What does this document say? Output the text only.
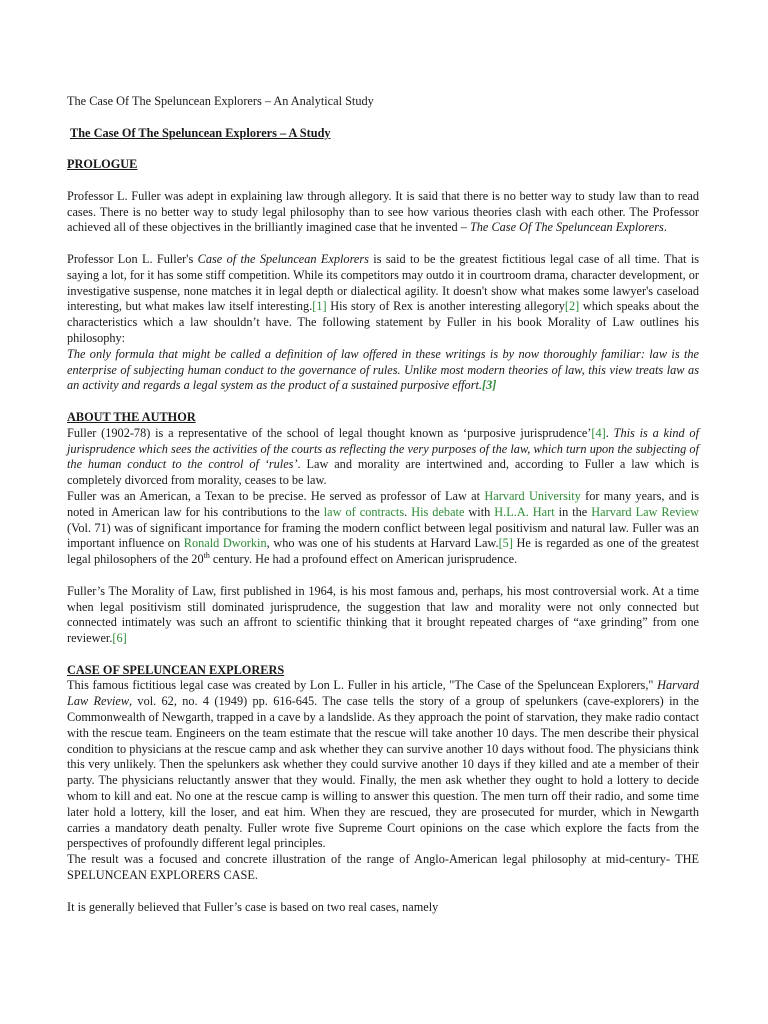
The Case Of The Speluncean Explorers – An Analytical Study

The Case Of The Speluncean Explorers – A Study

PROLOGUE

Professor L. Fuller was adept in explaining law through allegory. It is said that there is no better way to study law than to read cases. There is no better way to study legal philosophy than to see how various theories clash with each other. The Professor achieved all of these objectives in the brilliantly imagined case that he invented – The Case Of The Speluncean Explorers.

Professor Lon L. Fuller's Case of the Speluncean Explorers is said to be the greatest fictitious legal case of all time. That is saying a lot, for it has some stiff competition. While its competitors may outdo it in courtroom drama, character development, or investigative suspense, none matches it in legal depth or dialectical agility. It doesn't show what makes some lawyer's caseload interesting, but what makes law itself interesting.[1] His story of Rex is another interesting allegory[2] which speaks about the characteristics which a law shouldn’t have. The following statement by Fuller in his book Morality of Law outlines his philosophy:
The only formula that might be called a definition of law offered in these writings is by now thoroughly familiar: law is the enterprise of subjecting human conduct to the governance of rules. Unlike most modern theories of law, this view treats law as an activity and regards a legal system as the product of a sustained purposive effort.[3]

ABOUT THE AUTHOR

Fuller (1902-78) is a representative of the school of legal thought known as ‘purposive jurisprudence’[4]. This is a kind of jurisprudence which sees the activities of the courts as reflecting the very purposes of the law, which turn upon the subjecting of the human conduct to the control of ‘rules’. Law and morality are intertwined and, according to Fuller a law which is completely divorced from morality, ceases to be law.

Fuller was an American, a Texan to be precise. He served as professor of Law at Harvard University for many years, and is noted in American law for his contributions to the law of contracts. His debate with H.L.A. Hart in the Harvard Law Review (Vol. 71) was of significant importance for framing the modern conflict between legal positivism and natural law. Fuller was an important influence on Ronald Dworkin, who was one of his students at Harvard Law.[5] He is regarded as one of the greatest legal philosophers of the 20th century. He had a profound effect on American jurisprudence.

Fuller’s The Morality of Law, first published in 1964, is his most famous and, perhaps, his most controversial work. At a time when legal positivism still dominated jurisprudence, the suggestion that law and morality were not only connected but connected intimately was such an affront to scientific thinking that it brought repeated charges of “axe grinding” from one reviewer.[6]

CASE OF SPELUNCEAN EXPLORERS

This famous fictitious legal case was created by Lon L. Fuller in his article, "The Case of the Speluncean Explorers," Harvard Law Review, vol. 62, no. 4 (1949) pp. 616-645. The case tells the story of a group of spelunkers (cave-explorers) in the Commonwealth of Newgarth, trapped in a cave by a landslide. As they approach the point of starvation, they make radio contact with the rescue team. Engineers on the team estimate that the rescue will take another 10 days. The men describe their physical condition to physicians at the rescue camp and ask whether they can survive another 10 days without food. The physicians think this very unlikely. Then the spelunkers ask whether they could survive another 10 days if they killed and ate a member of their party. The physicians reluctantly answer that they would. Finally, the men ask whether they ought to hold a lottery to decide whom to kill and eat. No one at the rescue camp is willing to answer this question. The men turn off their radio, and some time later hold a lottery, kill the loser, and eat him. When they are rescued, they are prosecuted for murder, which in Newgarth carries a mandatory death penalty. Fuller wrote five Supreme Court opinions on the case which explore the facts from the perspectives of profoundly different legal principles.

The result was a focused and concrete illustration of the range of Anglo-American legal philosophy at mid-century- THE SPELUNCEAN EXPLORERS CASE.

It is generally believed that Fuller’s case is based on two real cases, namely
